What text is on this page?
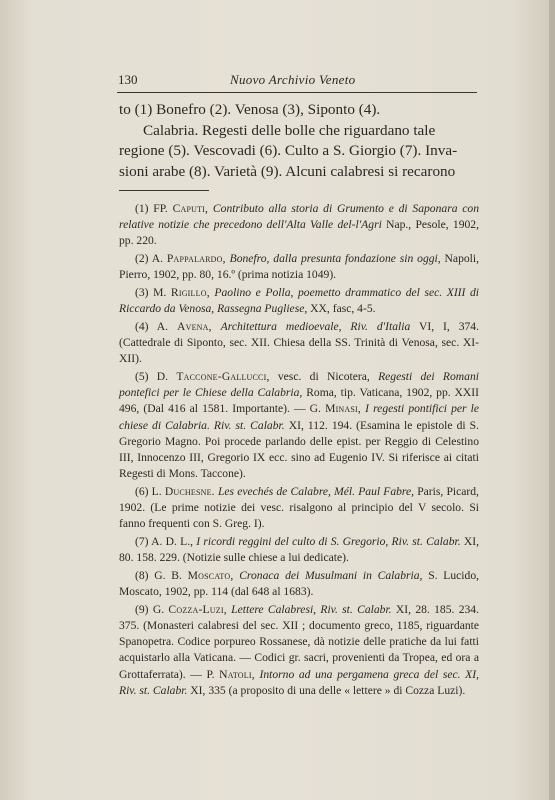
130	Nuovo Archivio Veneto
to (1) Bonefro (2). Venosa (3), Siponto (4).
Calabria. Regesti delle bolle che riguardano tale
regione (5). Vescovadi (6). Culto a S. Giorgio (7). Inva-
sioni arabe (8). Varietà (9). Alcuni calabresi si recarono

(1) FP. Caputi, Contributo alla storia di Grumento e di Saponara con relative notizie che precedono dell'Alta Valle del-l'Agri Nap., Pesole, 1902, pp. 220.

(2) A. Pappalardo, Bonefro, dalla presunta fondazione sin oggi, Napoli, Pierro, 1902, pp. 80, 16.º (prima notizia 1049).

(3) M. Rigillo, Paolino e Polla, poemetto drammatico del sec. XIII di Riccardo da Venosa, Rassegna Pugliese, XX, fasc, 4-5.

(4) A. Avena, Architettura medioevale, Riv. d'Italia VI, I, 374. (Cattedrale di Siponto, sec. XII. Chiesa della SS. Trinità di Venosa, sec. XI-XII).

(5) D. Taccone-Gallucci, vesc. di Nicotera, Regesti dei Romani pontefici per le Chiese della Calabria, Roma, tip. Vaticana, 1902, pp. XXII 496, (Dal 416 al 1581. Importante). — G. Minasi, I regesti pontifici per le chiese di Calabria. Riv. st. Calabr. XI, 112. 194. (Esamina le epistole di S. Gregorio Magno. Poi procede parlando delle epist. per Reggio di Celestino III, Innocenzo III, Gregorio IX ecc. sino ad Eugenio IV. Si riferisce ai citati Regesti di Mons. Taccone).

(6) L. Duchesne. Les evechés de Calabre, Mél. Paul Fabre, Paris, Picard, 1902. (Le prime notizie dei vesc. risalgono al principio del V secolo. Si fanno frequenti con S. Greg. I).

(7) A. D. L., I ricordi reggini del culto di S. Gregorio, Riv. st. Calabr. XI, 80. 158. 229. (Notizie sulle chiese a lui dedicate).

(8) G. B. Moscato, Cronaca dei Musulmani in Calabria, S. Lucido, Moscato, 1902, pp. 114 (dal 648 al 1683).

(9) G. Cozza-Luzi, Lettere Calabresi, Riv. st. Calabr. XI, 28. 185. 234. 375. (Monasteri calabresi del sec. XII ; documento greco, 1185, riguardante Spanopetra. Codice porpureo Rossanese, dà notizie delle pratiche da lui fatti acquistarlo alla Vaticana. — Codici gr. sacri, provenienti da Tropea, ed ora a Grottaferrata). — P. Natoli, Intorno ad una pergamena greca del sec. XI, Riv. st. Calabr. XI, 335 (a proposito di una delle « lettere » di Cozza Luzi).
